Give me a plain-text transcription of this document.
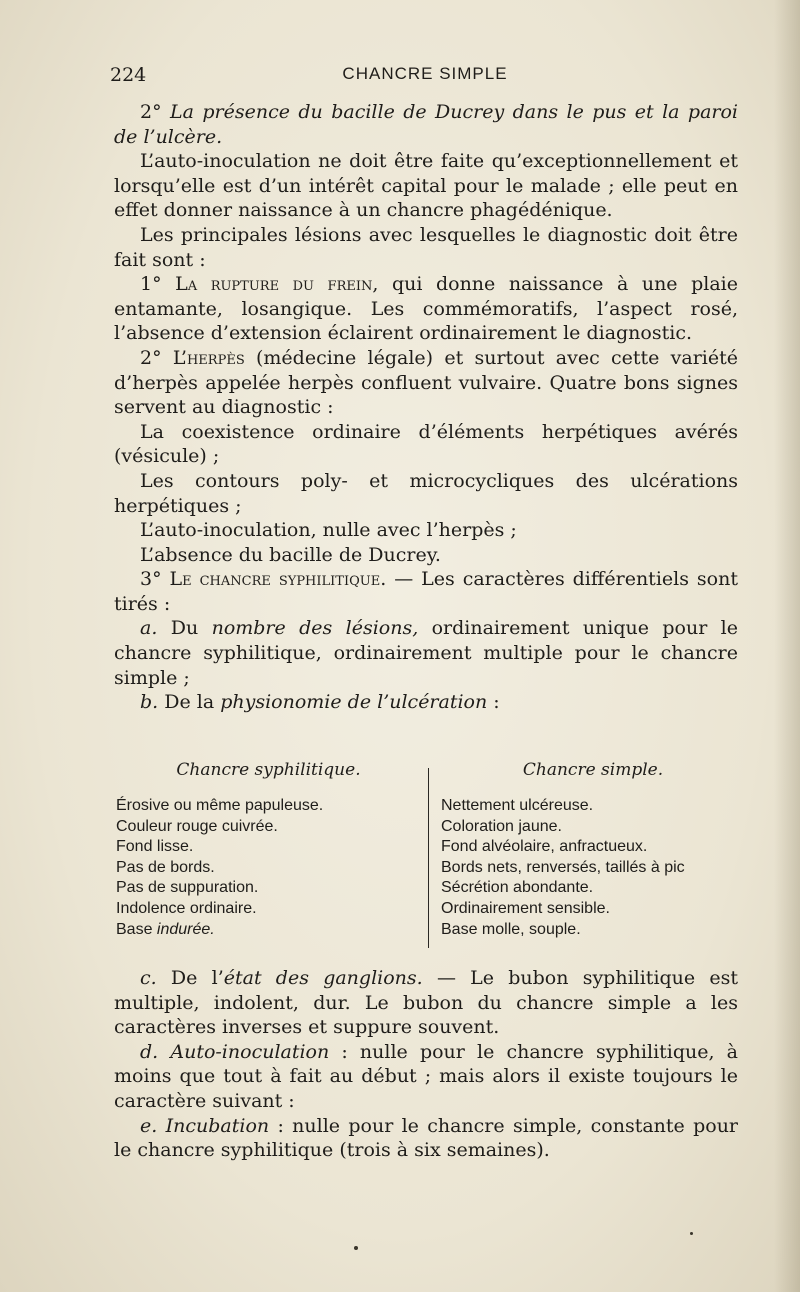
224	CHANCRE SIMPLE

2° La présence du bacille de Ducrey dans le pus et la paroi de l’ulcère.

L’auto-inoculation ne doit être faite qu’exceptionnellement et lorsqu’elle est d’un intérêt capital pour le malade ; elle peut en effet donner naissance à un chancre phagédénique.

Les principales lésions avec lesquelles le diagnostic doit être fait sont :

1° La rupture du frein, qui donne naissance à une plaie entamante, losangique. Les commémoratifs, l’aspect rosé, l’absence d’extension éclairent ordinairement le diagnostic.

2° L’herpès (médecine légale) et surtout avec cette variété d’herpès appelée herpès confluent vulvaire. Quatre bons signes servent au diagnostic :

La coexistence ordinaire d’éléments herpétiques avérés (vésicule) ;

Les contours poly- et microcycliques des ulcérations herpétiques ;

L’auto-inoculation, nulle avec l’herpès ;

L’absence du bacille de Ducrey.

3° Le chancre syphilitique. — Les caractères différentiels sont tirés :

a. Du nombre des lésions, ordinairement unique pour le chancre syphilitique, ordinairement multiple pour le chancre simple ;

b. De la physionomie de l’ulcération :

Chancre syphilitique.
Érosive ou même papuleuse.
Couleur rouge cuivrée.
Fond lisse.
Pas de bords.
Pas de suppuration.
Indolence ordinaire.
Base indurée.
Chancre simple.
Nettement ulcéreuse.
Coloration jaune.
Fond alvéolaire, anfractueux.
Bords nets, renversés, taillés à pic
Sécrétion abondante.
Ordinairement sensible.
Base molle, souple.

c. De l’état des ganglions. — Le bubon syphilitique est multiple, indolent, dur. Le bubon du chancre simple a les caractères inverses et suppure souvent.

d. Auto-inoculation : nulle pour le chancre syphilitique, à moins que tout à fait au début ; mais alors il existe toujours le caractère suivant :

e. Incubation : nulle pour le chancre simple, constante pour le chancre syphilitique (trois à six semaines).
